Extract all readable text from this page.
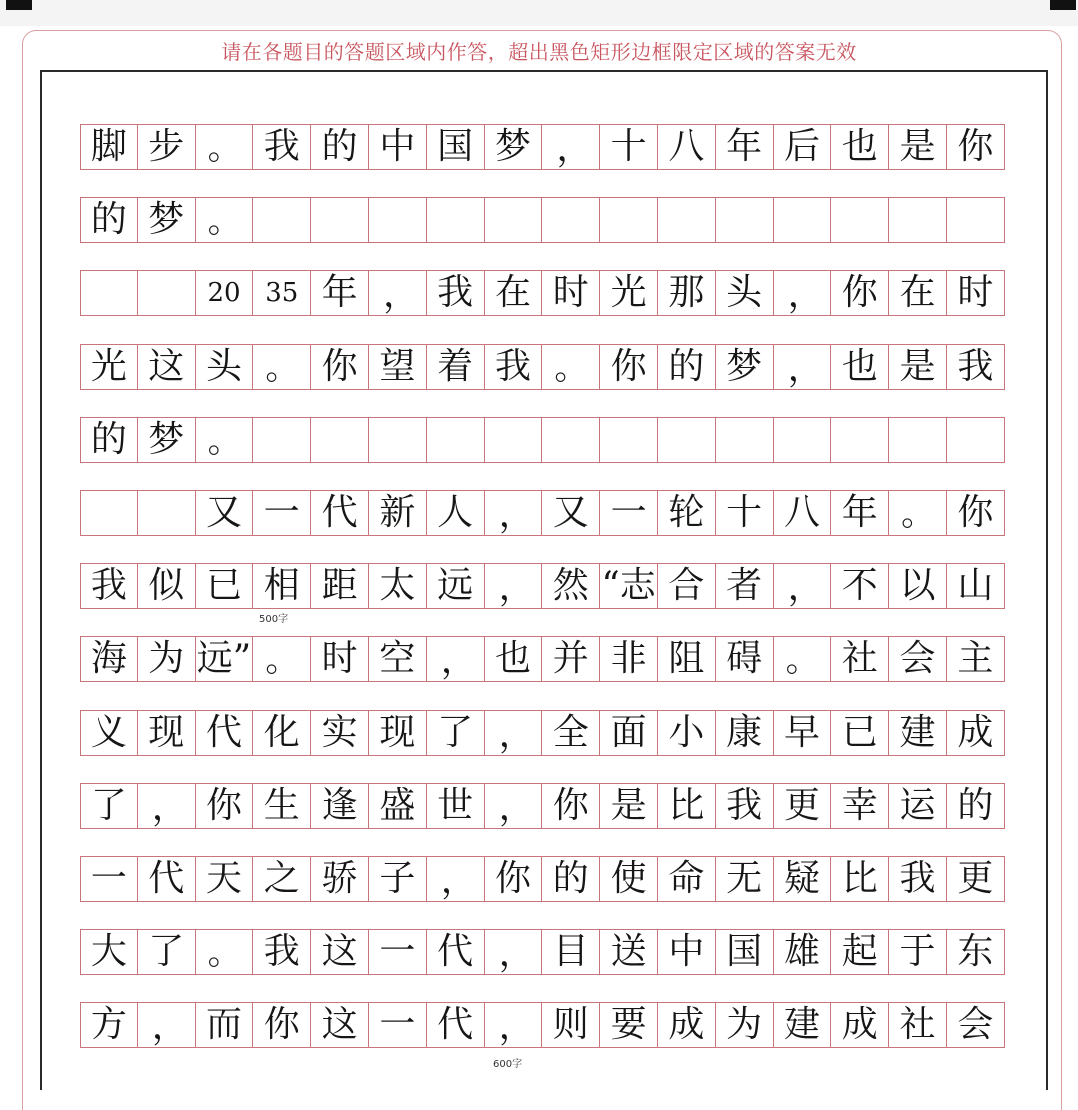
请在各题目的答题区域内作答，超出黑色矩形边框限定区域的答案无效
脚 步 。 我 的 中 国 梦 ， 十 八 年 后 也 是 你
的 梦 。
20 35 年 ， 我 在 时 光 那 头 ， 你 在 时
光 这 头 。 你 望 着 我 。 你 的 梦 ， 也 是 我
的 梦 。
又 一 代 新 人 ， 又 一 轮 十 八 年 。 你
我 似 已 相 距 太 远 ， 然 “志 合 者 ， 不 以 山
海 为 远” 。 时 空 ， 也 并 非 阻 碍 。 社 会 主
义 现 代 化 实 现 了 ， 全 面 小 康 早 已 建 成
了 ， 你 生 逢 盛 世 ， 你 是 比 我 更 幸 运 的
一 代 天 之 骄 子 ， 你 的 使 命 无 疑 比 我 更
大 了 。 我 这 一 代 ， 目 送 中 国 雄 起 于 东
方 ， 而 你 这 一 代 ， 则 要 成 为 建 成 社 会
500字
600字
